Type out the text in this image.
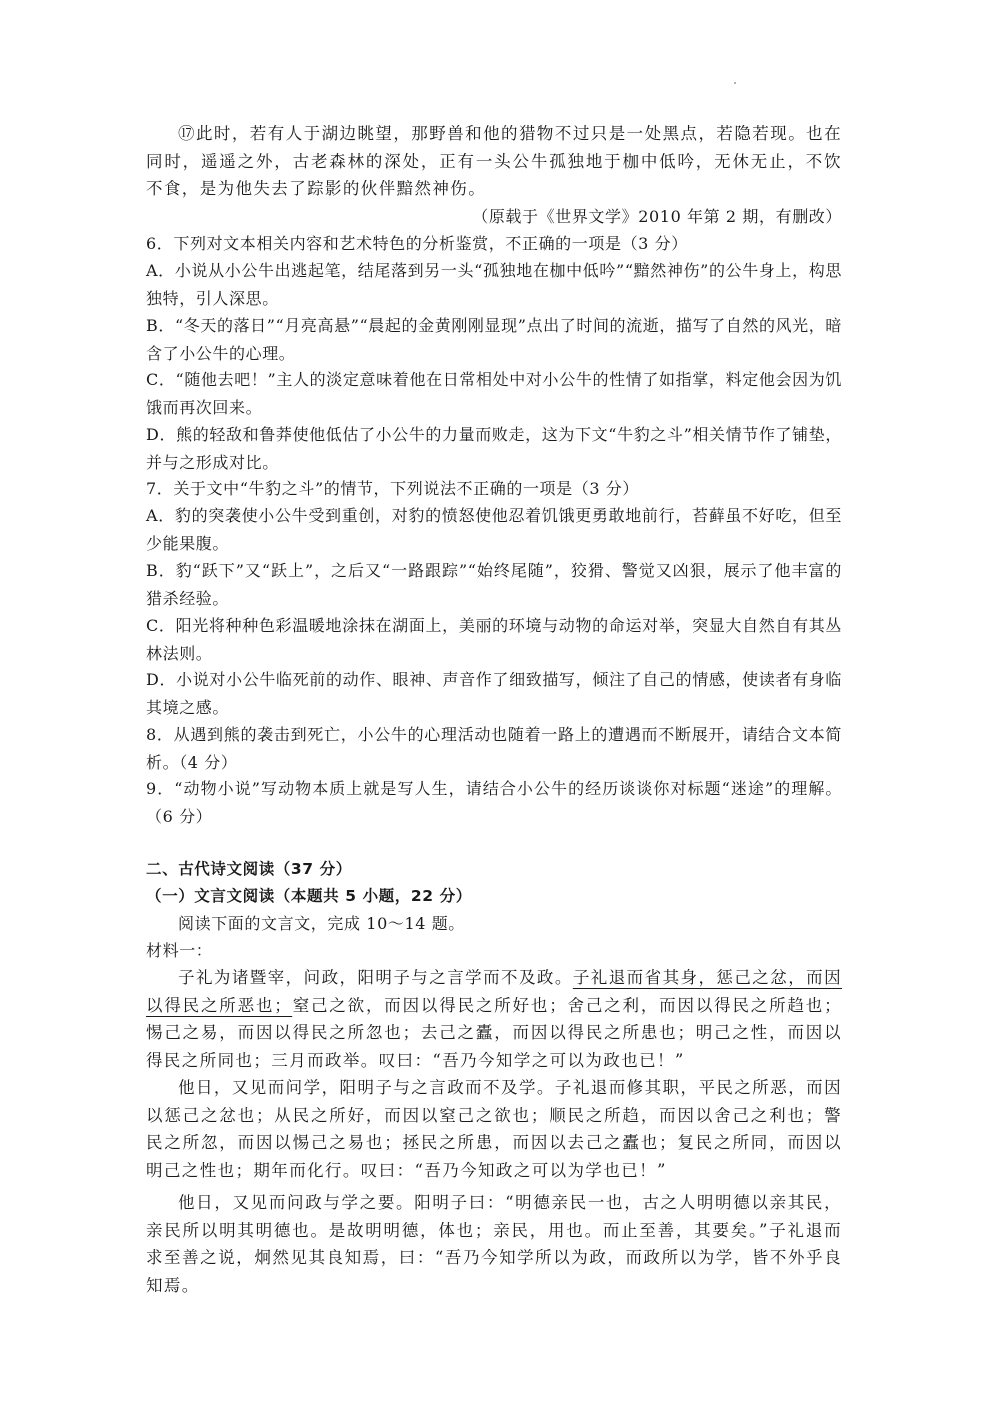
⑰此时，若有人于湖边眺望，那野兽和他的猎物不过只是一处黑点，若隐若现。也在同时，遥遥之外，古老森林的深处，正有一头公牛孤独地于枷中低吟，无休无止，不饮不食，是为他失去了踪影的伙伴黯然神伤。

（原载于《世界文学》2010 年第 2 期，有删改）

6．下列对文本相关内容和艺术特色的分析鉴赏，不正确的一项是（3 分）

A．小说从小公牛出逃起笔，结尾落到另一头“孤独地在枷中低吟”“黯然神伤”的公牛身上，构思独特，引人深思。

B．“冬天的落日”“月亮高悬”“晨起的金黄刚刚显现”点出了时间的流逝，描写了自然的风光，暗含了小公牛的心理。

C．“随他去吧！”主人的淡定意味着他在日常相处中对小公牛的性情了如指掌，料定他会因为饥饿而再次回来。

D．熊的轻敌和鲁莽使他低估了小公牛的力量而败走，这为下文“牛豹之斗”相关情节作了铺垫，并与之形成对比。

7．关于文中“牛豹之斗”的情节，下列说法不正确的一项是（3 分）

A．豹的突袭使小公牛受到重创，对豹的愤怒使他忍着饥饿更勇敢地前行，苔藓虽不好吃，但至少能果腹。

B．豹“跃下”又“跃上”，之后又“一路跟踪”“始终尾随”，狡猾、警觉又凶狠，展示了他丰富的猎杀经验。

C．阳光将种种色彩温暖地涂抹在湖面上，美丽的环境与动物的命运对举，突显大自然自有其丛林法则。

D．小说对小公牛临死前的动作、眼神、声音作了细致描写，倾注了自己的情感，使读者有身临其境之感。

8．从遇到熊的袭击到死亡，小公牛的心理活动也随着一路上的遭遇而不断展开，请结合文本简析。（4 分）

9．“动物小说”写动物本质上就是写人生，请结合小公牛的经历谈谈你对标题“迷途”的理解。（6 分）

二、古代诗文阅读（37 分）

（一）文言文阅读（本题共 5 小题，22 分）

阅读下面的文言文，完成 10～14 题。

材料一：

子礼为诸暨宰，问政，阳明子与之言学而不及政。子礼退而省其身，惩己之忿，而因以得民之所恶也；窒己之欲，而因以得民之所好也；舍己之利，而因以得民之所趋也；惕己之易，而因以得民之所忽也；去己之蠹，而因以得民之所患也；明己之性，而因以得民之所同也；三月而政举。叹曰：“吾乃今知学之可以为政也已！”

他日，又见而问学，阳明子与之言政而不及学。子礼退而修其职，平民之所恶，而因以惩己之忿也；从民之所好，而因以窒己之欲也；顺民之所趋，而因以舍己之利也；警民之所忽，而因以惕己之易也；拯民之所患，而因以去己之蠹也；复民之所同，而因以明己之性也；期年而化行。叹曰：“吾乃今知政之可以为学也已！”

他日，又见而问政与学之要。阳明子曰：“明德亲民一也，古之人明明德以亲其民，亲民所以明其明德也。是故明明德，体也；亲民，用也。而止至善，其要矣。”子礼退而求至善之说，炯然见其良知焉，曰：“吾乃今知学所以为政，而政所以为学，皆不外乎良知焉。
